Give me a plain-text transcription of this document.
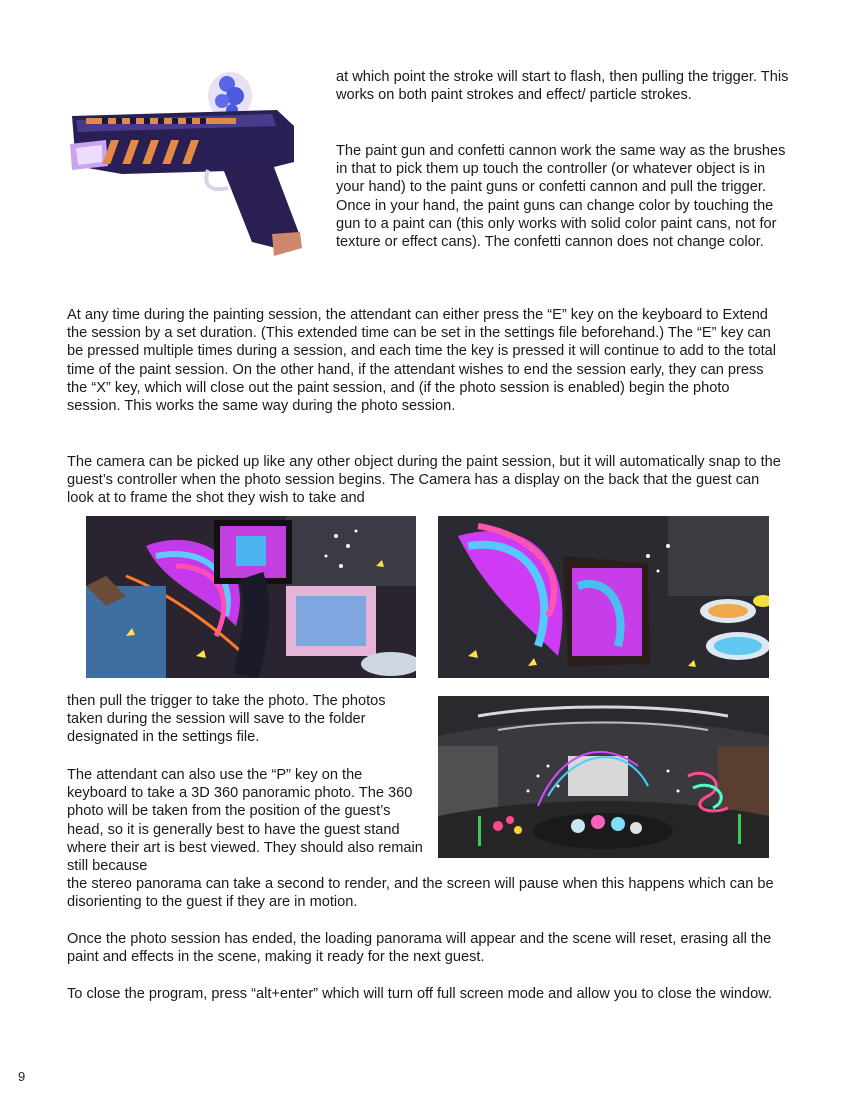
at which point the stroke will start to flash, then pulling the trigger. This works on both paint strokes and effect/ particle strokes.

The paint gun and confetti cannon work the same way as the brushes in that to pick them up touch the controller (or whatever object is in your hand) to the paint guns or confetti cannon and pull the trigger. Once in your hand, the paint guns can change color by touching the gun to a paint can (this only works with solid color paint cans, not for texture or effect cans). The confetti cannon does not change color.

At any time during the painting session, the attendant can either press the “E” key on the keyboard to Extend the session by a set duration. (This extended time can be set in the settings file beforehand.) The “E” key can be pressed multiple times during a session, and each time the key is pressed it will continue to add to the total time of the paint session. On the other hand, if the attendant wishes to end the session early, they can press the “X” key, which will close out the paint session, and (if the photo session is enabled) begin the photo session. This works the same way during the photo session.

The camera can be picked up like any other object during the paint session, but it will automatically snap to the guest’s controller when the photo session begins. The Camera has a display on the back that the guest can look at to frame the shot they wish to take and

then pull the trigger to take the photo. The photos taken during the session will save to the folder designated in the settings file.

The attendant can also use the “P” key on the keyboard to take a 3D 360 panoramic photo. The 360 photo will be taken from the position of the guest’s head, so it is generally best to have the guest stand where their art is best viewed. They should also remain still because

the stereo panorama can take a second to render, and the screen will pause when this happens which can be disorienting to the guest if they are in motion.

Once the photo session has ended, the loading panorama will appear and the scene will reset, erasing all the paint and effects in the scene, making it ready for the next guest.

To close the program, press “alt+enter” which will turn off full screen mode and allow you to close the window.

9
